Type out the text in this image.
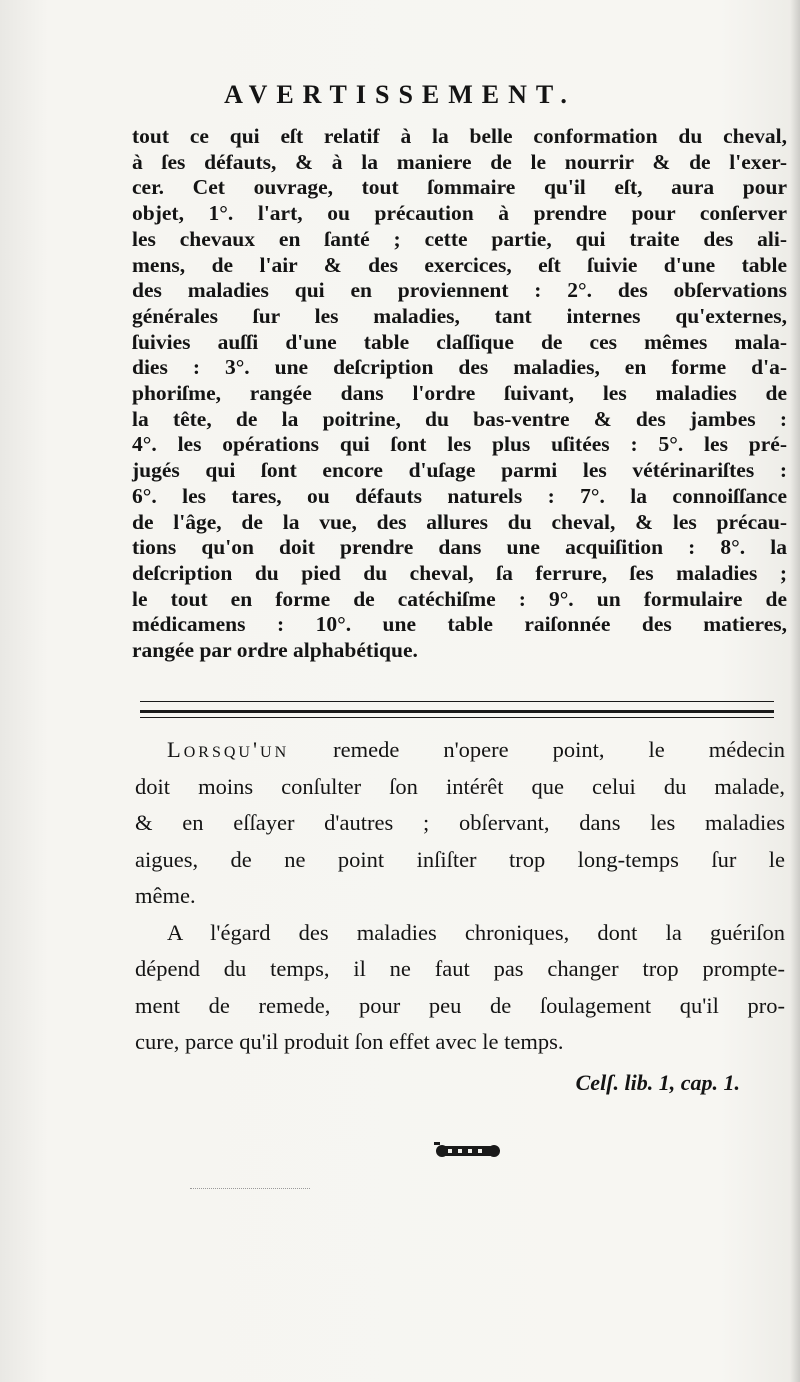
AVERTISSEMENT.
tout ce qui eſt relatif à la belle conformation du cheval,
à ſes défauts, & à la maniere de le nourrir & de l'exer-
cer. Cet ouvrage, tout ſommaire qu'il eſt, aura pour
objet, 1°. l'art, ou précaution à prendre pour conſerver
les chevaux en ſanté ; cette partie, qui traite des ali-
mens, de l'air & des exercices, eſt ſuivie d'une table
des maladies qui en proviennent : 2°. des obſervations
générales ſur les maladies, tant internes qu'externes,
ſuivies auſſi d'une table claſſique de ces mêmes mala-
dies : 3°. une deſcription des maladies, en forme d'a-
phoriſme, rangée dans l'ordre ſuivant, les maladies de
la tête, de la poitrine, du bas-ventre & des jambes :
4°. les opérations qui ſont les plus uſitées : 5°. les pré-
jugés qui ſont encore d'uſage parmi les vétérinariſtes :
6°. les tares, ou défauts naturels : 7°. la connoiſſance
de l'âge, de la vue, des allures du cheval, & les précau-
tions qu'on doit prendre dans une acquiſition : 8°. la
deſcription du pied du cheval, ſa ferrure, ſes maladies ;
le tout en forme de catéchiſme : 9°. un formulaire de
médicamens : 10°. une table raiſonnée des matieres,
rangée par ordre alphabétique.
Lorsqu'un remede n'opere point, le médecin
doit moins conſulter ſon intérêt que celui du malade,
& en eſſayer d'autres ; obſervant, dans les maladies
aigues, de ne point inſiſter trop long-temps ſur le
même.
A l'égard des maladies chroniques, dont la guériſon
dépend du temps, il ne faut pas changer trop prompte-
ment de remede, pour peu de ſoulagement qu'il pro-
cure, parce qu'il produit ſon effet avec le temps.
Celſ. lib. 1, cap. 1.
